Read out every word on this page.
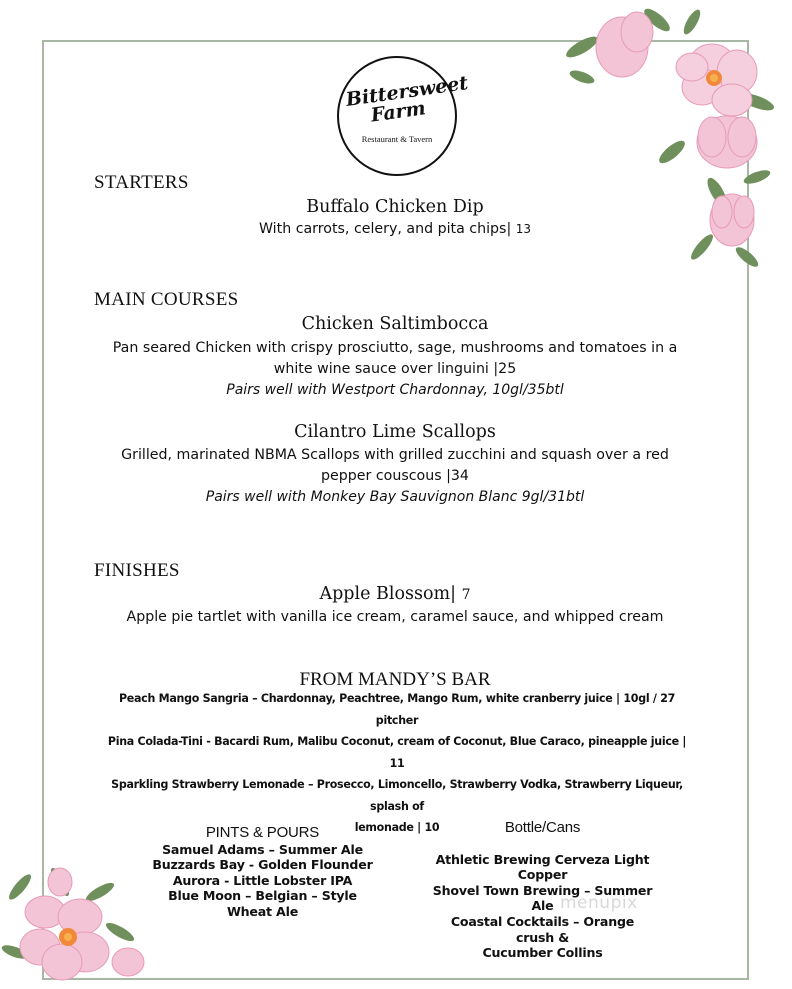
Bittersweet Farm
Restaurant & Tavern
STARTERS
Buffalo Chicken Dip
With carrots, celery, and pita chips| 13
MAIN COURSES
Chicken Saltimbocca
Pan seared Chicken with crispy prosciutto, sage, mushrooms and tomatoes in a
white wine sauce over linguini |25
Pairs well with Westport Chardonnay, 10gl/35btl
Cilantro Lime Scallops
Grilled, marinated NBMA Scallops with grilled zucchini and squash over a red
pepper couscous |34
Pairs well with Monkey Bay Sauvignon Blanc 9gl/31btl
FINISHES
Apple Blossom| 7
Apple pie tartlet with vanilla ice cream, caramel sauce, and whipped cream
FROM MANDY’S BAR
Peach Mango Sangria – Chardonnay, Peachtree, Mango Rum, white cranberry juice | 10gl / 27 pitcher
Pina Colada-Tini - Bacardi Rum, Malibu Coconut, cream of Coconut, Blue Caraco, pineapple juice | 11
Sparkling Strawberry Lemonade – Prosecco, Limoncello, Strawberry Vodka, Strawberry Liqueur, splash of
lemonade | 10
PINTS & POURS
Samuel Adams – Summer Ale
Buzzards Bay - Golden Flounder
Aurora - Little Lobster IPA
Blue Moon – Belgian – Style
Wheat Ale
Bottle/Cans
Athletic Brewing Cerveza Light
Copper
Shovel Town Brewing – Summer
Ale
Coastal Cocktails – Orange crush &
Cucumber Collins
menupix
